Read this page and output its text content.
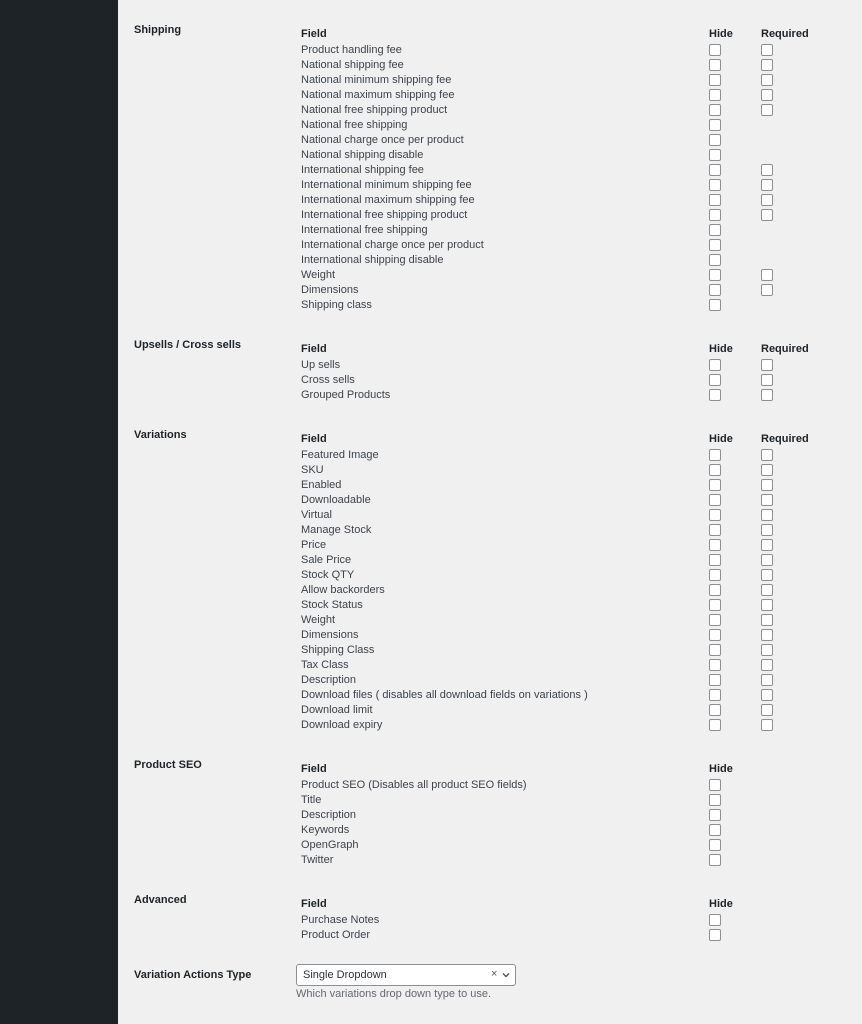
Shipping	Field	Hide	Required
Product handling fee
National shipping fee
National minimum shipping fee
National maximum shipping fee
National free shipping product
National free shipping
National charge once per product
National shipping disable
International shipping fee
International minimum shipping fee
International maximum shipping fee
International free shipping product
International free shipping
International charge once per product
International shipping disable
Weight
Dimensions
Shipping class
Upsells / Cross sells	Field	Hide	Required
Up sells
Cross sells
Grouped Products
Variations	Field	Hide	Required
Featured Image
SKU
Enabled
Downloadable
Virtual
Manage Stock
Price
Sale Price
Stock QTY
Allow backorders
Stock Status
Weight
Dimensions
Shipping Class
Tax Class
Description
Download files ( disables all download fields on variations )
Download limit
Download expiry
Product SEO	Field	Hide
Product SEO (Disables all product SEO fields)
Title
Description
Keywords
OpenGraph
Twitter
Advanced	Field	Hide
Purchase Notes
Product Order
Variation Actions Type	Single Dropdown	×
Which variations drop down type to use.
